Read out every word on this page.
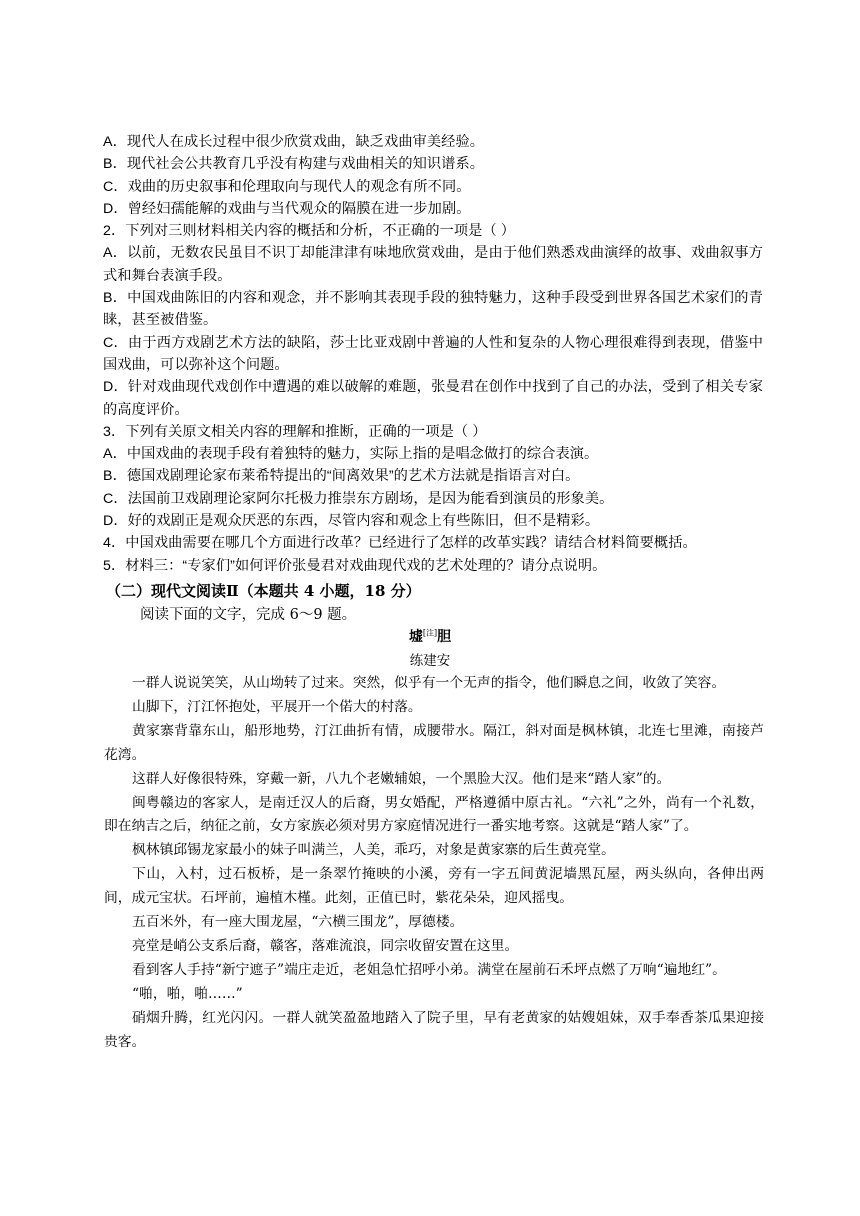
A．现代人在成长过程中很少欣赏戏曲，缺乏戏曲审美经验。

B．现代社会公共教育几乎没有构建与戏曲相关的知识谱系。

C．戏曲的历史叙事和伦理取向与现代人的观念有所不同。

D．曾经妇孺能解的戏曲与当代观众的隔膜在进一步加剧。

2．下列对三则材料相关内容的概括和分析，不正确的一项是（ ）

A．以前，无数农民虽目不识丁却能津津有味地欣赏戏曲，是由于他们熟悉戏曲演绎的故事、戏曲叙事方式和舞台表演手段。

B．中国戏曲陈旧的内容和观念，并不影响其表现手段的独特魅力，这种手段受到世界各国艺术家们的青睐，甚至被借鉴。

C．由于西方戏剧艺术方法的缺陷，莎士比亚戏剧中普遍的人性和复杂的人物心理很难得到表现，借鉴中国戏曲，可以弥补这个问题。

D．针对戏曲现代戏创作中遭遇的难以破解的难题，张曼君在创作中找到了自己的办法，受到了相关专家的高度评价。

3．下列有关原文相关内容的理解和推断，正确的一项是（ ）

A．中国戏曲的表现手段有着独特的魅力，实际上指的是唱念做打的综合表演。

B．德国戏剧理论家布莱希特提出的“间离效果”的艺术方法就是指语言对白。

C．法国前卫戏剧理论家阿尔托极力推崇东方剧场，是因为能看到演员的形象美。

D．好的戏剧正是观众厌恶的东西，尽管内容和观念上有些陈旧，但不是精彩。

4．中国戏曲需要在哪几个方面进行改革？已经进行了怎样的改革实践？请结合材料简要概括。

5．材料三：“专家们”如何评价张曼君对戏曲现代戏的艺术处理的？请分点说明。

（二）现代文阅读Ⅱ（本题共 4 小题，18 分）
阅读下面的文字，完成 6～9 题。
墟[注]胆
练建安

一群人说说笑笑，从山坳转了过来。突然，似乎有一个无声的指令，他们瞬息之间，收敛了笑容。

山脚下，汀江怀抱处，平展开一个偌大的村落。

黄家寨背靠东山，船形地势，汀江曲折有情，成腰带水。隔江，斜对面是枫林镇，北连七里滩，南接芦花湾。

这群人好像很特殊，穿戴一新，八九个老嫩辅娘，一个黑脸大汉。他们是来“踏人家”的。

闽粤赣边的客家人，是南迁汉人的后裔，男女婚配，严格遵循中原古礼。“六礼”之外，尚有一个礼数，即在纳吉之后，纳征之前，女方家族必须对男方家庭情况进行一番实地考察。这就是“踏人家”了。

枫林镇邱锡龙家最小的妹子叫满兰，人美，乖巧，对象是黄家寨的后生黄亮堂。

下山，入村，过石板桥，是一条翠竹掩映的小溪，旁有一字五间黄泥墙黑瓦屋，两头纵向，各伸出两间，成元宝状。石坪前，遍植木槿。此刻，正值已时，紫花朵朵，迎风摇曳。

五百米外，有一座大围龙屋，“六横三围龙”，厚德楼。

亮堂是峭公支系后裔，赣客，落难流浪，同宗收留安置在这里。

看到客人手持“新宁遮子”端庄走近，老姐急忙招呼小弟。满堂在屋前石禾坪点燃了万响“遍地红”。

“啪，啪，啪……”

硝烟升腾，红光闪闪。一群人就笑盈盈地踏入了院子里，早有老黄家的姑嫂姐妹，双手奉香茶瓜果迎接贵客。
